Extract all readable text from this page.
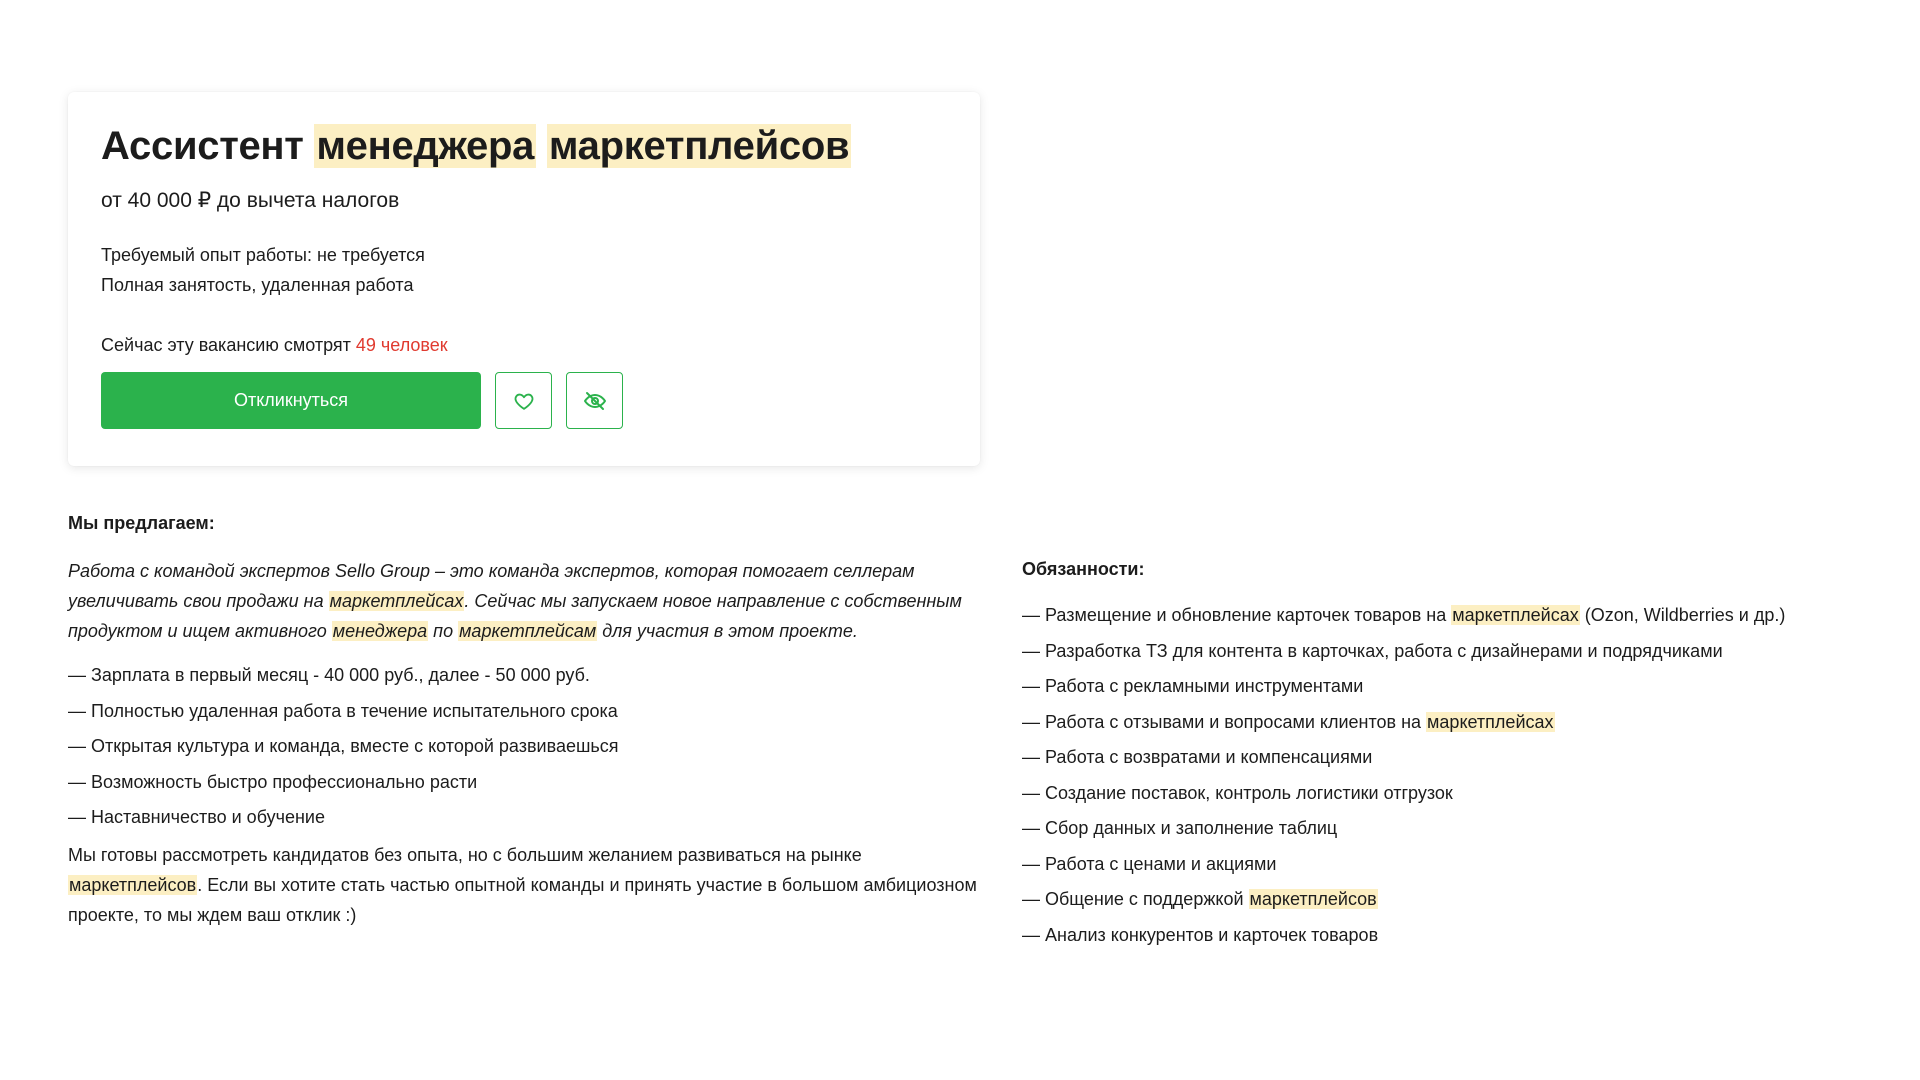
Ассистент менеджера маркетплейсов
от 40 000 ₽ до вычета налогов
Требуемый опыт работы: не требуется
Полная занятость, удаленная работа
Сейчас эту вакансию смотрят 49 человек
Откликнуться
Мы предлагаем:
Работа с командой экспертов Sello Group – это команда экспертов, которая помогает селлерам увеличивать свои продажи на маркетплейсах. Сейчас мы запускаем новое направление с собственным продуктом и ищем активного менеджера по маркетплейсам для участия в этом проекте.
— Зарплата в первый месяц - 40 000 руб., далее - 50 000 руб.
— Полностью удаленная работа в течение испытательного срока
— Открытая культура и команда, вместе с которой развиваешься
— Возможность быстро профессионально расти
— Наставничество и обучение
Мы готовы рассмотреть кандидатов без опыта, но с большим желанием развиваться на рынке маркетплейсов. Если вы хотите стать частью опытной команды и принять участие в большом амбициозном проекте, то мы ждем ваш отклик :)
Обязанности:
— Размещение и обновление карточек товаров на маркетплейсах (Ozon, Wildberries и др.)
— Разработка ТЗ для контента в карточках, работа с дизайнерами и подрядчиками
— Работа с рекламными инструментами
— Работа с отзывами и вопросами клиентов на маркетплейсах
— Работа с возвратами и компенсациями
— Создание поставок, контроль логистики отгрузок
— Сбор данных и заполнение таблиц
— Работа с ценами и акциями
— Общение с поддержкой маркетплейсов
— Анализ конкурентов и карточек товаров
